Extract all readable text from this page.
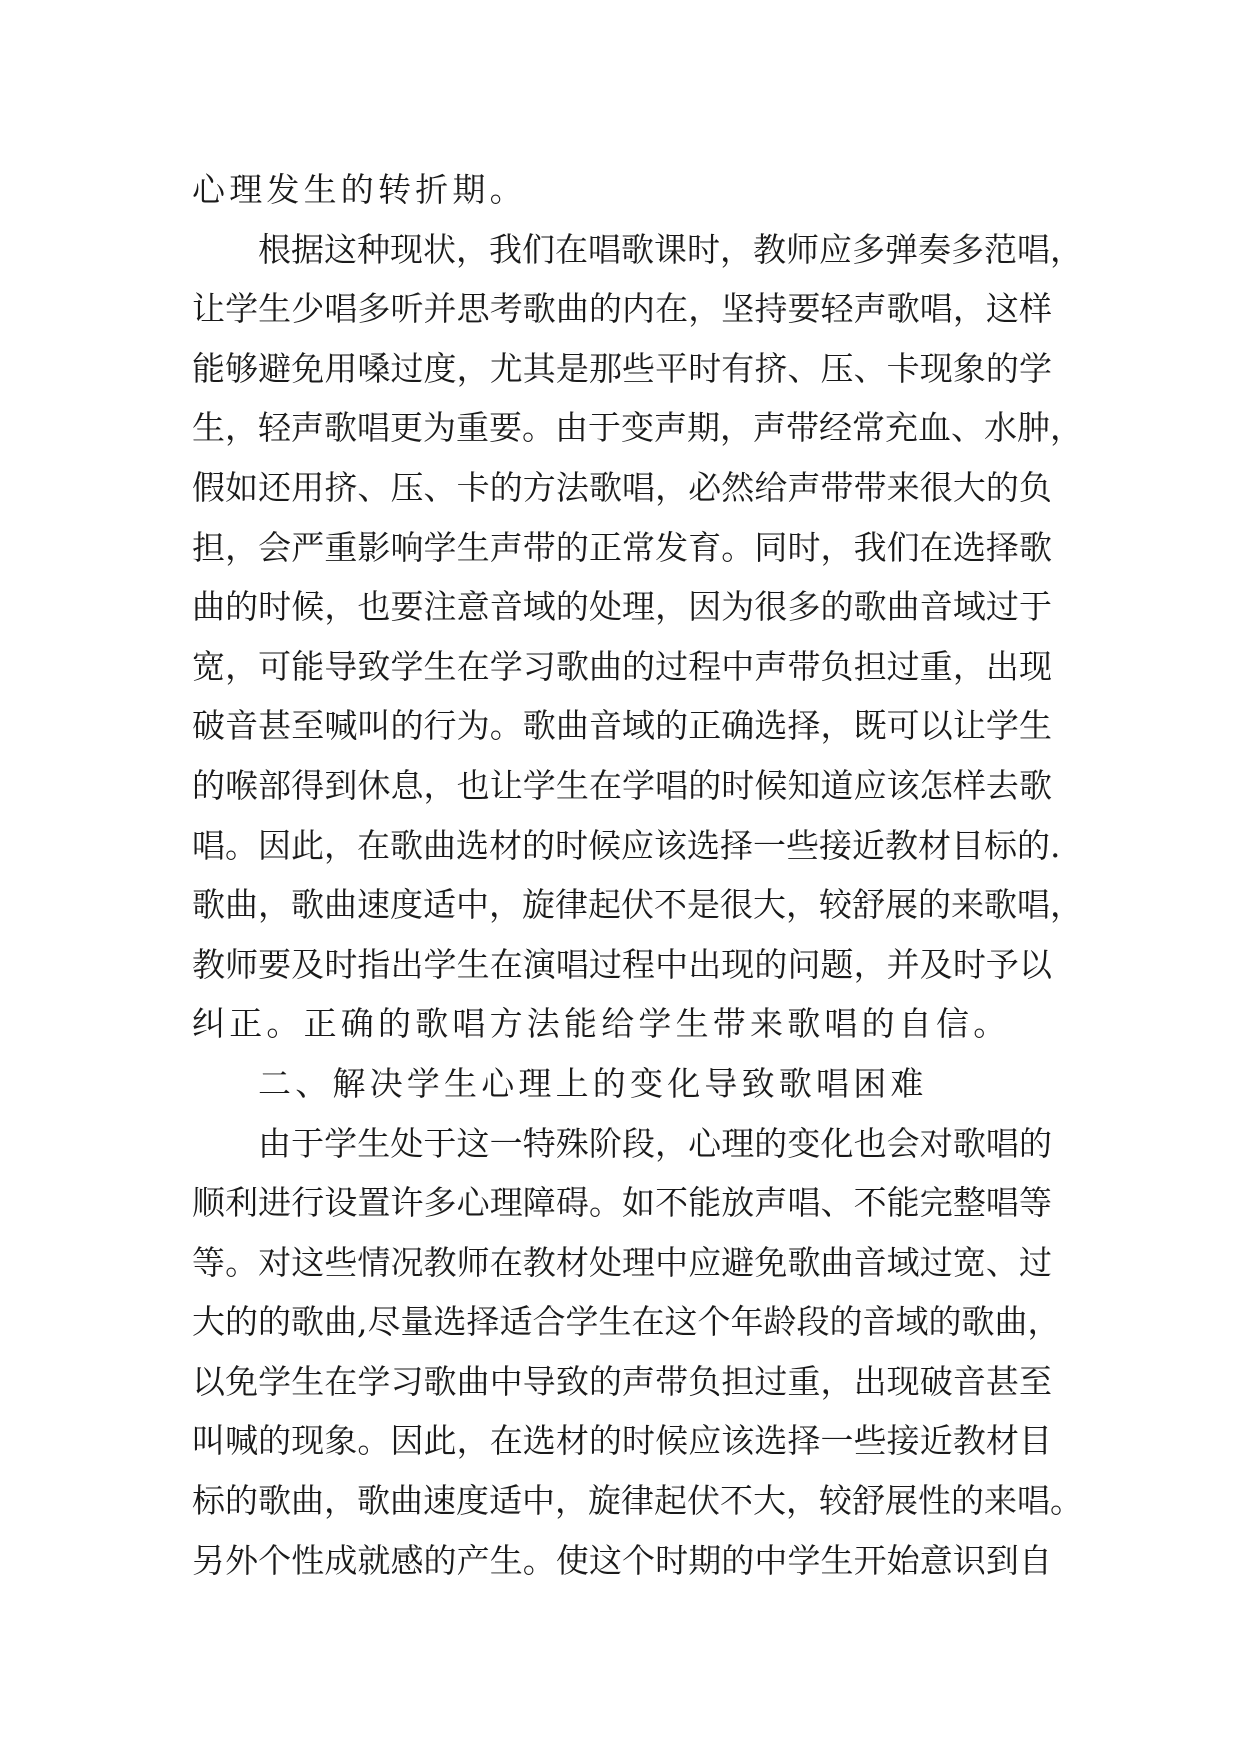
心理发生的转折期。
根据这种现状，我们在唱歌课时，教师应多弹奏多范唱，
让学生少唱多听并思考歌曲的内在，坚持要轻声歌唱，这样
能够避免用嗓过度，尤其是那些平时有挤、压、卡现象的学
生，轻声歌唱更为重要。由于变声期，声带经常充血、水肿，
假如还用挤、压、卡的方法歌唱，必然给声带带来很大的负
担，会严重影响学生声带的正常发育。同时，我们在选择歌
曲的时候，也要注意音域的处理，因为很多的歌曲音域过于
宽，可能导致学生在学习歌曲的过程中声带负担过重，出现
破音甚至喊叫的行为。歌曲音域的正确选择，既可以让学生
的喉部得到休息，也让学生在学唱的时候知道应该怎样去歌
唱。因此，在歌曲选材的时候应该选择一些接近教材目标的.
歌曲，歌曲速度适中，旋律起伏不是很大，较舒展的来歌唱，
教师要及时指出学生在演唱过程中出现的问题，并及时予以
纠正。正确的歌唱方法能给学生带来歌唱的自信。
二、解决学生心理上的变化导致歌唱困难
由于学生处于这一特殊阶段，心理的变化也会对歌唱的
顺利进行设置许多心理障碍。如不能放声唱、不能完整唱等
等。对这些情况教师在教材处理中应避免歌曲音域过宽、过
大的的歌曲,尽量选择适合学生在这个年龄段的音域的歌曲，
以免学生在学习歌曲中导致的声带负担过重，出现破音甚至
叫喊的现象。因此，在选材的时候应该选择一些接近教材目
标的歌曲，歌曲速度适中，旋律起伏不大，较舒展性的来唱。
另外个性成就感的产生。使这个时期的中学生开始意识到自
